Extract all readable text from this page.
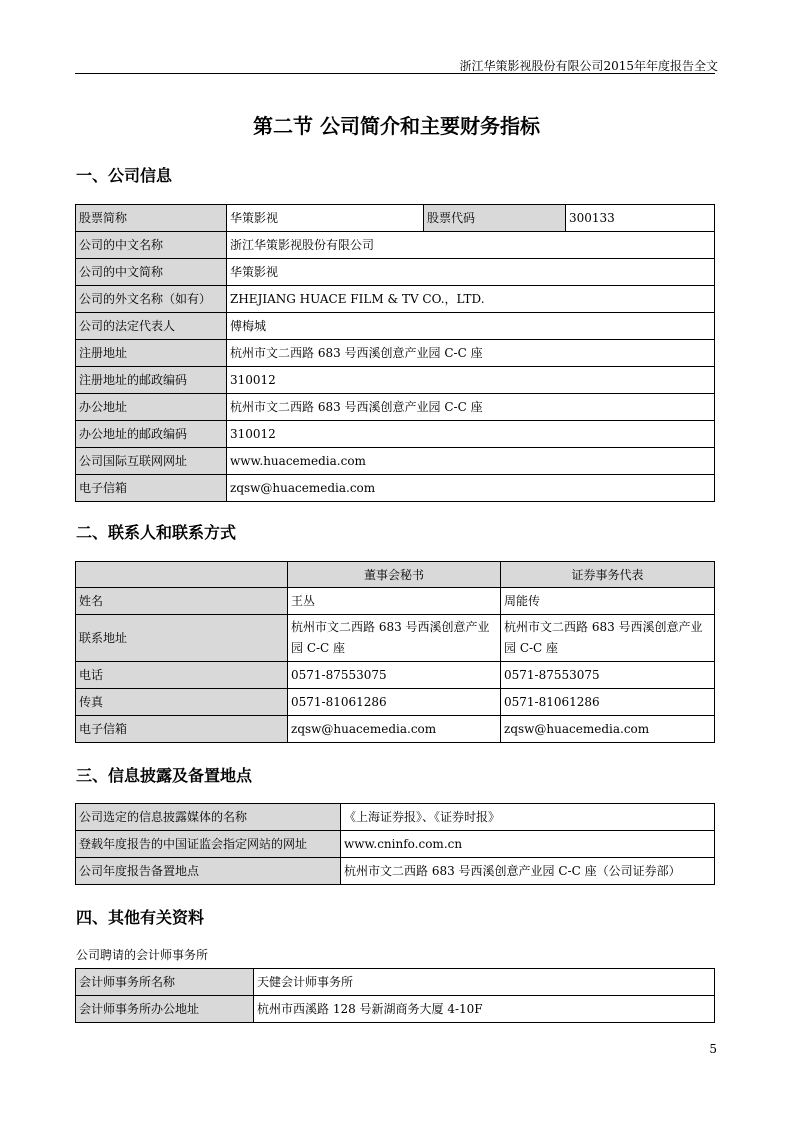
浙江华策影视股份有限公司2015年年度报告全文
第二节 公司简介和主要财务指标
一、公司信息
股票简称	华策影视	股票代码	300133
公司的中文名称	浙江华策影视股份有限公司		
公司的中文简称	华策影视		
公司的外文名称（如有）	ZHEJIANG HUACE FILM & TV CO.，LTD.		
公司的法定代表人	傅梅城		
注册地址	杭州市文二西路 683 号西溪创意产业园 C-C 座		
注册地址的邮政编码	310012		
办公地址	杭州市文二西路 683 号西溪创意产业园 C-C 座		
办公地址的邮政编码	310012		
公司国际互联网网址	www.huacemedia.com		
电子信箱	zqsw@huacemedia.com		
二、联系人和联系方式
	董事会秘书	证券事务代表
姓名	王丛	周能传
联系地址	杭州市文二西路 683 号西溪创意产业园 C-C 座	杭州市文二西路 683 号西溪创意产业园 C-C 座
电话	0571-87553075	0571-87553075
传真	0571-81061286	0571-81061286
电子信箱	zqsw@huacemedia.com	zqsw@huacemedia.com
三、信息披露及备置地点
公司选定的信息披露媒体的名称	《上海证券报》、《证券时报》
登载年度报告的中国证监会指定网站的网址	www.cninfo.com.cn
公司年度报告备置地点	杭州市文二西路 683 号西溪创意产业园 C-C 座（公司证券部）
四、其他有关资料
公司聘请的会计师事务所
会计师事务所名称	天健会计师事务所
会计师事务所办公地址	杭州市西溪路 128 号新湖商务大厦 4-10F
5
